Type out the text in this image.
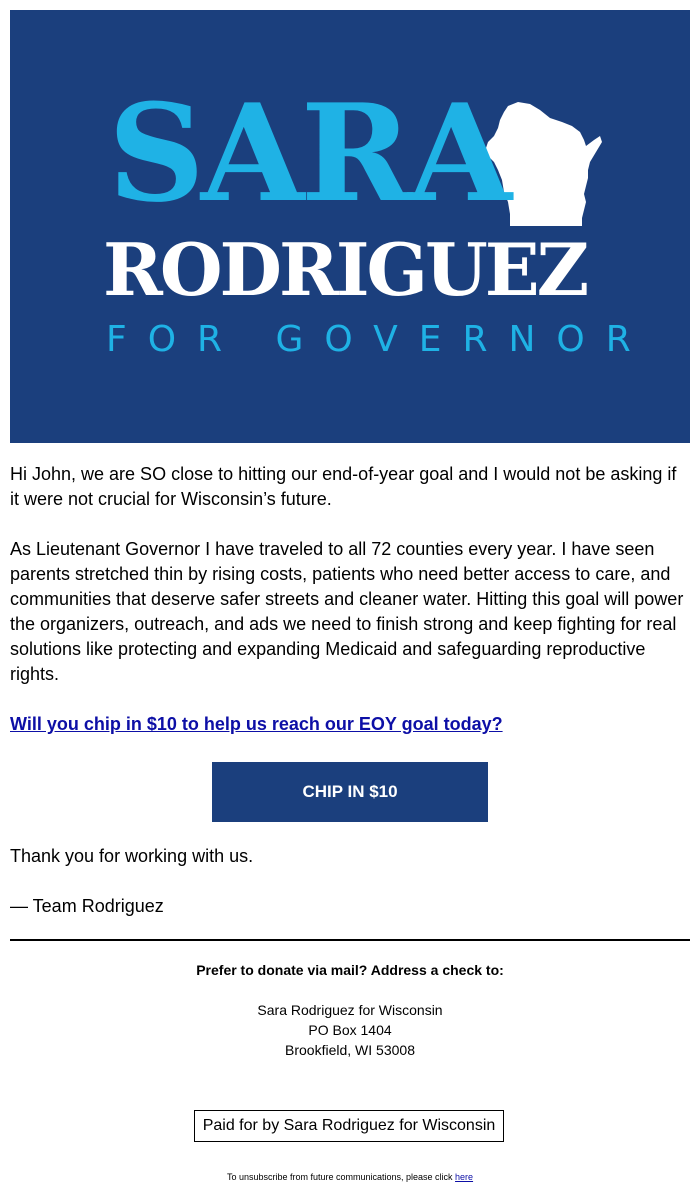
SARA
RODRIGUEZ
FOR GOVERNOR

Hi John, we are SO close to hitting our end-of-year goal and I would not be asking if it were not crucial for Wisconsin’s future.

As Lieutenant Governor I have traveled to all 72 counties every year. I have seen parents stretched thin by rising costs, patients who need better access to care, and communities that deserve safer streets and cleaner water. Hitting this goal will power the organizers, outreach, and ads we need to finish strong and keep fighting for real solutions like protecting and expanding Medicaid and safeguarding reproductive rights.

Will you chip in $10 to help us reach our EOY goal today?

CHIP IN $10
Thank you for working with us.
— Team Rodriguez

Prefer to donate via mail? Address a check to:

Sara Rodriguez for Wisconsin
PO Box 1404
Brookfield, WI 53008
Paid for by Sara Rodriguez for Wisconsin
To unsubscribe from future communications, please click here
